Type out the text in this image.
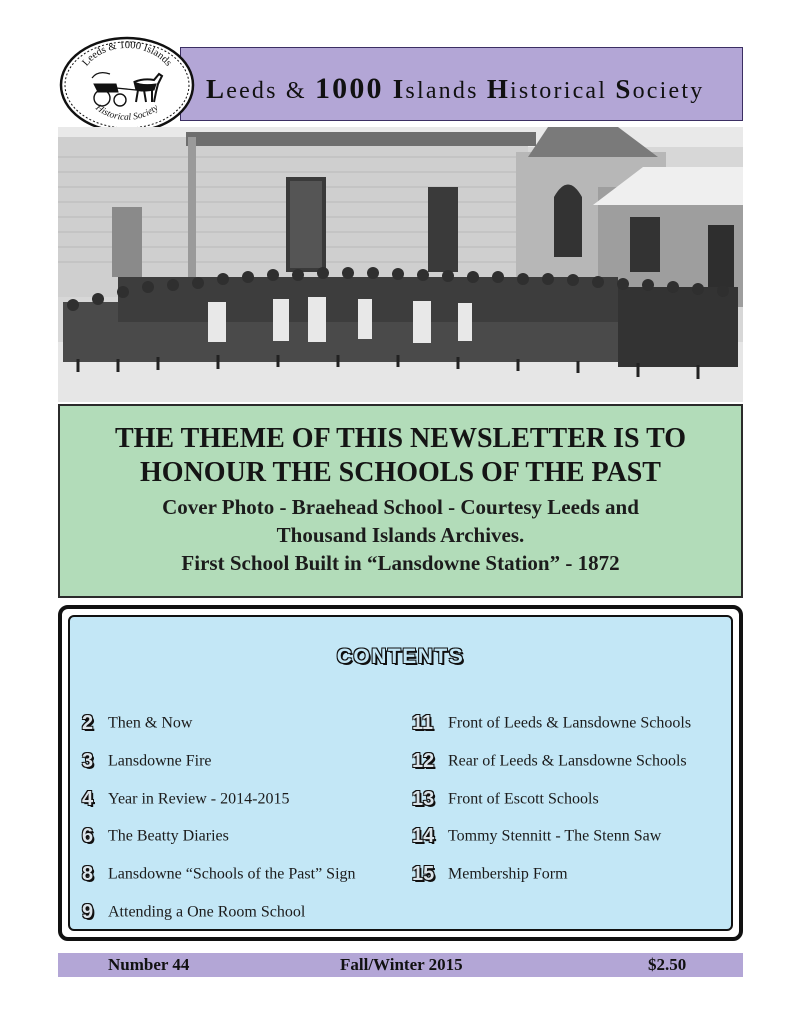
Leeds & 1000 Islands Historical Society
Leeds & 1000 Islands
Historical Society
THE THEME OF THIS NEWSLETTER IS TO
HONOUR THE SCHOOLS OF THE PAST
Cover Photo - Braehead School - Courtesy Leeds and
Thousand Islands Archives.
First School Built in “Lansdowne Station” - 1872
CONTENTS
2 Then & Now
3 Lansdowne Fire
4 Year in Review - 2014-2015
6 The Beatty Diaries
8 Lansdowne “Schools of the Past” Sign
9 Attending a One Room School
11 Front of Leeds & Lansdowne Schools
12 Rear of Leeds & Lansdowne Schools
13 Front of Escott Schools
14 Tommy Stennitt - The Stenn Saw
15 Membership Form
Number 44	Fall/Winter 2015	$2.50
